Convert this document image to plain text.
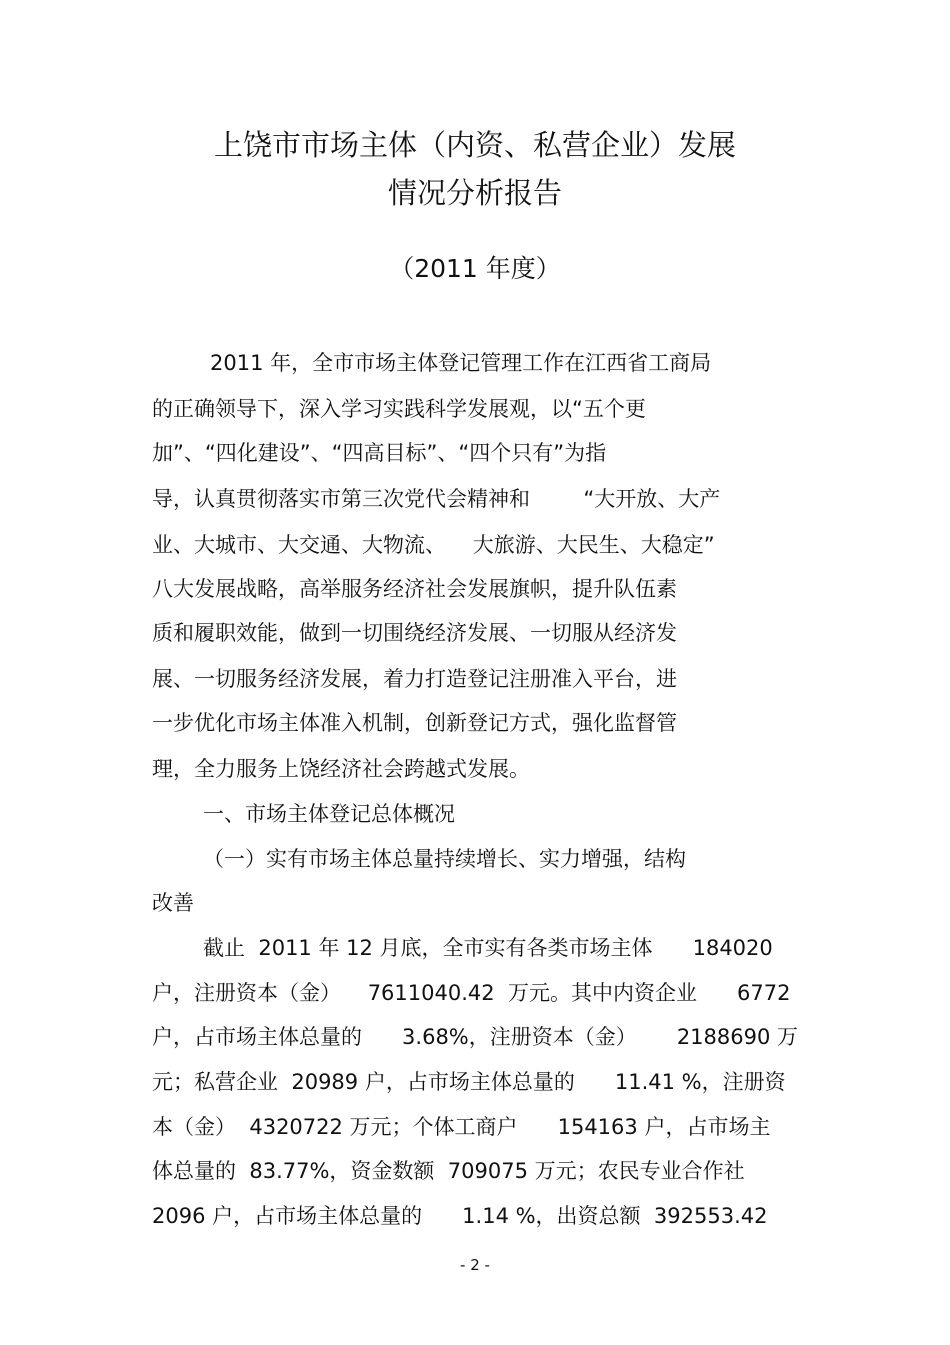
上饶市市场主体（内资、私营企业）发展
情况分析报告
（2011 年度）
2011 年，全市市场主体登记管理工作在江西省工商局
的正确领导下，深入学习实践科学发展观，以“五个更
加”、“四化建设”、“四高目标”、“四个只有”为指
导，认真贯彻落实市第三次党代会精神和        “大开放、大产
业、大城市、大交通、大物流、    大旅游、大民生、大稳定”
八大发展战略，高举服务经济社会发展旗帜，提升队伍素
质和履职效能，做到一切围绕经济发展、一切服从经济发
展、一切服务经济发展，着力打造登记注册准入平台，进
一步优化市场主体准入机制，创新登记方式，强化监督管
理，全力服务上饶经济社会跨越式发展。
一、市场主体登记总体概况
（一）实有市场主体总量持续增长、实力增强，结构
改善
截止  2011 年 12 月底，全市实有各类市场主体      184020
户，注册资本（金）    7611040.42  万元。其中内资企业      6772
户，占市场主体总量的      3.68%，注册资本（金）      2188690 万
元；私营企业  20989 户，占市场主体总量的      11.41 %，注册资
本（金）  4320722 万元；个体工商户      154163 户，占市场主
体总量的  83.77%，资金数额  709075 万元；农民专业合作社
2096 户，占市场主体总量的      1.14 %，出资总额  392553.42
- 2 -
